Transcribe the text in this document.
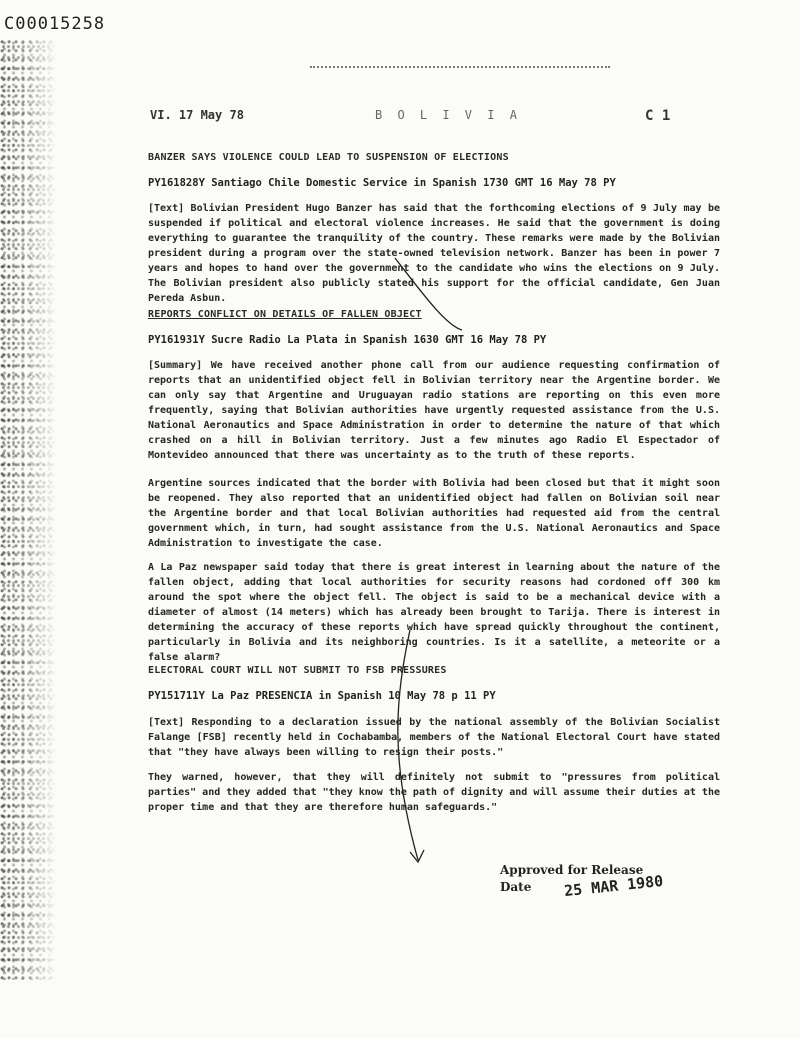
C00015258
VI. 17 May 78	B O L I V I A	C 1
BANZER SAYS VIOLENCE COULD LEAD TO SUSPENSION OF ELECTIONS
PY161828Y Santiago Chile Domestic Service in Spanish 1730 GMT 16 May 78 PY

[Text] Bolivian President Hugo Banzer has said that the forthcoming elections of 9 July may be suspended if political and electoral violence increases. He said that the government is doing everything to guarantee the tranquility of the country. These remarks were made by the Bolivian president during a program over the state-owned television network. Banzer has been in power 7 years and hopes to hand over the government to the candidate who wins the elections on 9 July. The Bolivian president also publicly stated his support for the official candidate, Gen Juan Pereda Asbun.

REPORTS CONFLICT ON DETAILS OF FALLEN OBJECT
PY161931Y Sucre Radio La Plata in Spanish 1630 GMT 16 May 78 PY

[Summary] We have received another phone call from our audience requesting confirmation of reports that an unidentified object fell in Bolivian territory near the Argentine border. We can only say that Argentine and Uruguayan radio stations are reporting on this even more frequently, saying that Bolivian authorities have urgently requested assistance from the U.S. National Aeronautics and Space Administration in order to determine the nature of that which crashed on a hill in Bolivian territory. Just a few minutes ago Radio El Espectador of Montevideo announced that there was uncertainty as to the truth of these reports.

Argentine sources indicated that the border with Bolivia had been closed but that it might soon be reopened. They also reported that an unidentified object had fallen on Bolivian soil near the Argentine border and that local Bolivian authorities had requested aid from the central government which, in turn, had sought assistance from the U.S. National Aeronautics and Space Administration to investigate the case.

A La Paz newspaper said today that there is great interest in learning about the nature of the fallen object, adding that local authorities for security reasons had cordoned off 300 km around the spot where the object fell. The object is said to be a mechanical device with a diameter of almost (14 meters) which has already been brought to Tarija. There is interest in determining the accuracy of these reports which have spread quickly throughout the continent, particularly in Bolivia and its neighboring countries. Is it a satellite, a meteorite or a false alarm?

ELECTORAL COURT WILL NOT SUBMIT TO FSB PRESSURES
PY151711Y La Paz PRESENCIA in Spanish 10 May 78 p 11 PY

[Text] Responding to a declaration issued by the national assembly of the Bolivian Socialist Falange [FSB] recently held in Cochabamba, members of the National Electoral Court have stated that "they have always been willing to resign their posts."

They warned, however, that they will definitely not submit to "pressures from political parties" and they added that "they know the path of dignity and will assume their duties at the proper time and that they are therefore human safeguards."

Approved for Release
Date 25 MAR 1980
